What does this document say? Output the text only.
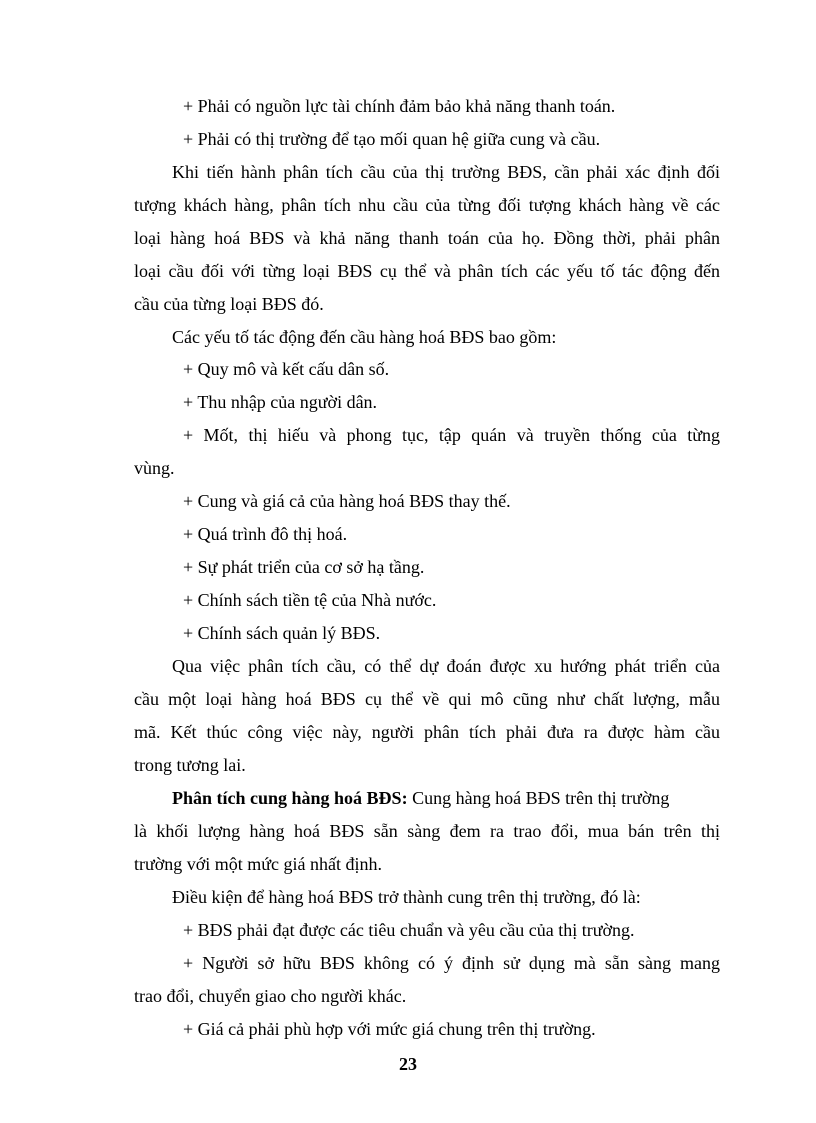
+ Phải có nguồn lực tài chính đảm bảo khả năng thanh toán.
+ Phải có thị trường để tạo mối quan hệ giữa cung và cầu.
Khi tiến hành phân tích cầu của thị trường BĐS, cần phải xác định đối
tượng khách hàng, phân tích nhu cầu của từng đối tượng khách hàng về các
loại hàng hoá BĐS và khả năng thanh toán của họ. Đồng thời, phải phân
loại cầu đối với từng loại BĐS cụ thể và phân tích các yếu tố tác động đến
cầu của từng loại BĐS đó.
Các yếu tố tác động đến cầu hàng hoá BĐS bao gồm:
+ Quy mô và kết cấu dân số.
+ Thu nhập của người dân.
+ Mốt, thị hiếu và phong tục, tập quán và truyền thống của từng
vùng.
+ Cung và giá cả của hàng hoá BĐS thay thế.
+ Quá trình đô thị hoá.
+ Sự phát triển của cơ sở hạ tầng.
+ Chính sách tiền tệ của Nhà nước.
+ Chính sách quản lý BĐS.
Qua việc phân tích cầu, có thể dự đoán được xu hướng phát triển của
cầu một loại hàng hoá BĐS cụ thể về qui mô cũng như chất lượng, mẫu
mã. Kết thúc công việc này, người phân tích phải đưa ra được hàm cầu
trong tương lai.
Phân tích cung hàng hoá BĐS: Cung hàng hoá BĐS trên thị trường
là khối lượng hàng hoá BĐS sẵn sàng đem ra trao đổi, mua bán trên thị
trường với một mức giá nhất định.
Điều kiện để hàng hoá BĐS trở thành cung trên thị trường, đó là:
+ BĐS phải đạt được các tiêu chuẩn và yêu cầu của thị trường.
+ Người sở hữu BĐS không có ý định sử dụng mà sẵn sàng mang
trao đổi, chuyển giao cho người khác.
+ Giá cả phải phù hợp với mức giá chung trên thị trường.
23
